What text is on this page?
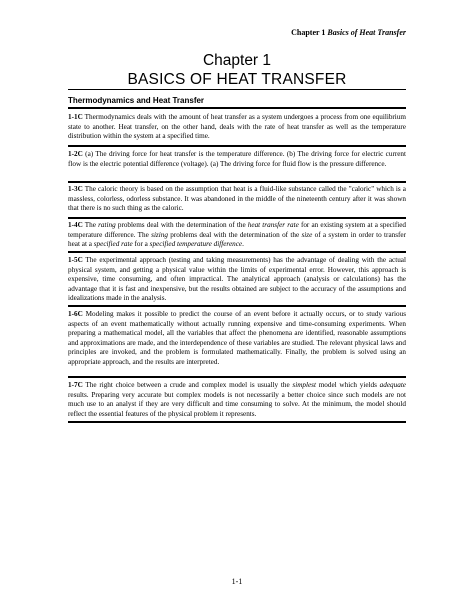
Chapter 1 Basics of Heat Transfer
Chapter 1
BASICS OF HEAT TRANSFER
Thermodynamics and Heat Transfer
1-1C Thermodynamics deals with the amount of heat transfer as a system undergoes a process from one equilibrium state to another. Heat transfer, on the other hand, deals with the rate of heat transfer as well as the temperature distribution within the system at a specified time.
1-2C (a) The driving force for heat transfer is the temperature difference. (b) The driving force for electric current flow is the electric potential difference (voltage). (a) The driving force for fluid flow is the pressure difference.
1-3C The caloric theory is based on the assumption that heat is a fluid-like substance called the "caloric" which is a massless, colorless, odorless substance. It was abandoned in the middle of the nineteenth century after it was shown that there is no such thing as the caloric.
1-4C The rating problems deal with the determination of the heat transfer rate for an existing system at a specified temperature difference. The sizing problems deal with the determination of the size of a system in order to transfer heat at a specified rate for a specified temperature difference.
1-5C The experimental approach (testing and taking measurements) has the advantage of dealing with the actual physical system, and getting a physical value within the limits of experimental error. However, this approach is expensive, time consuming, and often impractical. The analytical approach (analysis or calculations) has the advantage that it is fast and inexpensive, but the results obtained are subject to the accuracy of the assumptions and idealizations made in the analysis.
1-6C Modeling makes it possible to predict the course of an event before it actually occurs, or to study various aspects of an event mathematically without actually running expensive and time-consuming experiments. When preparing a mathematical model, all the variables that affect the phenomena are identified, reasonable assumptions and approximations are made, and the interdependence of these variables are studied. The relevant physical laws and principles are invoked, and the problem is formulated mathematically. Finally, the problem is solved using an appropriate approach, and the results are interpreted.
1-7C The right choice between a crude and complex model is usually the simplest model which yields adequate results. Preparing very accurate but complex models is not necessarily a better choice since such models are not much use to an analyst if they are very difficult and time consuming to solve. At the minimum, the model should reflect the essential features of the physical problem it represents.
1-1
